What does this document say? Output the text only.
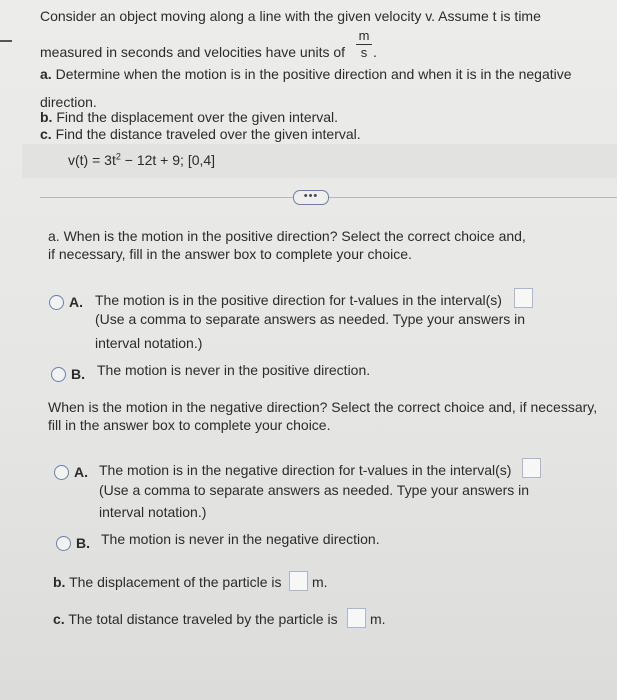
Consider an object moving along a line with the given velocity v. Assume t is time
measured in seconds and velocities have units of
m
s .
a. Determine when the motion is in the positive direction and when it is in the negative
direction.
b. Find the displacement over the given interval.
c. Find the distance traveled over the given interval.
$v(t) = 3t^2 - 12t + 9$; [0,4]
•••
a. When is the motion in the positive direction? Select the correct choice and,
if necessary, fill in the answer box to complete your choice.
A. The motion is in the positive direction for t-values in the interval(s)
(Use a comma to separate answers as needed. Type your answers in
interval notation.)
B. The motion is never in the positive direction.
When is the motion in the negative direction? Select the correct choice and, if necessary,
fill in the answer box to complete your choice.
A. The motion is in the negative direction for t-values in the interval(s)
(Use a comma to separate answers as needed. Type your answers in
interval notation.)
B. The motion is never in the negative direction.
b. The displacement of the particle is m.
c. The total distance traveled by the particle is m.
